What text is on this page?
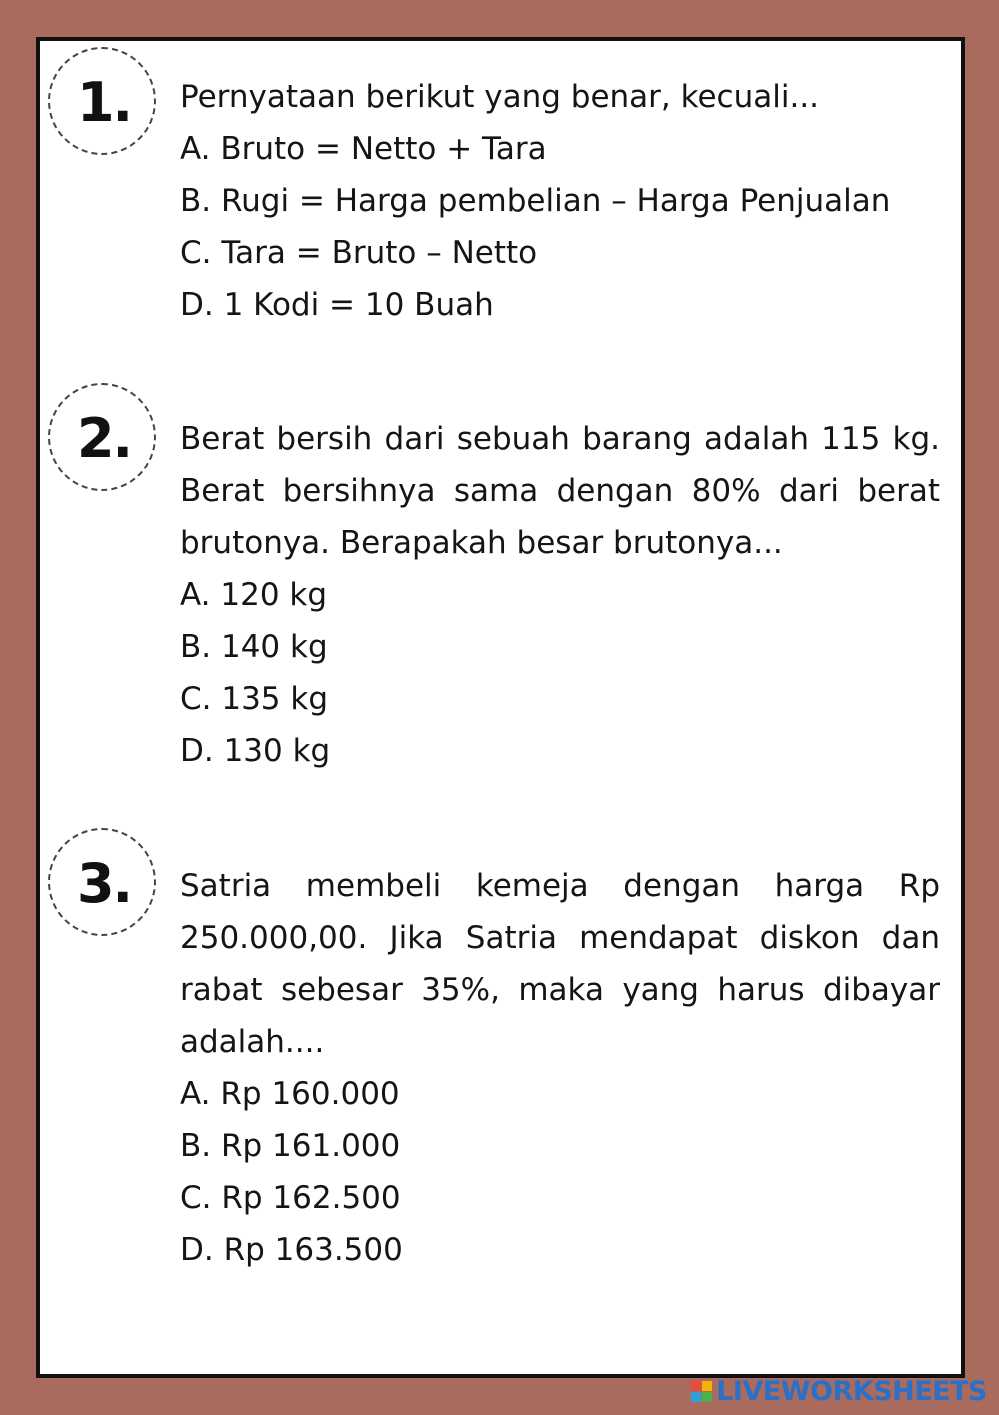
1.	Pernyataan berikut yang benar, kecuali...

A. Bruto = Netto + Tara
B. Rugi = Harga pembelian – Harga Penjualan
C. Tara = Bruto – Netto
D. 1 Kodi = 10 Buah
2.	Berat bersih dari sebuah barang adalah 115 kg. Berat bersihnya sama dengan 80% dari berat brutonya. Berapakah besar brutonya...

A. 120 kg
B. 140 kg
C. 135 kg
D. 130 kg
3.	Satria membeli kemeja dengan harga Rp 250.000,00. Jika Satria mendapat diskon dan rabat sebesar 35%, maka yang harus dibayar adalah....

A. Rp 160.000
B. Rp 161.000
C. Rp 162.500
D. Rp 163.500
LIVEWORKSHEETS
